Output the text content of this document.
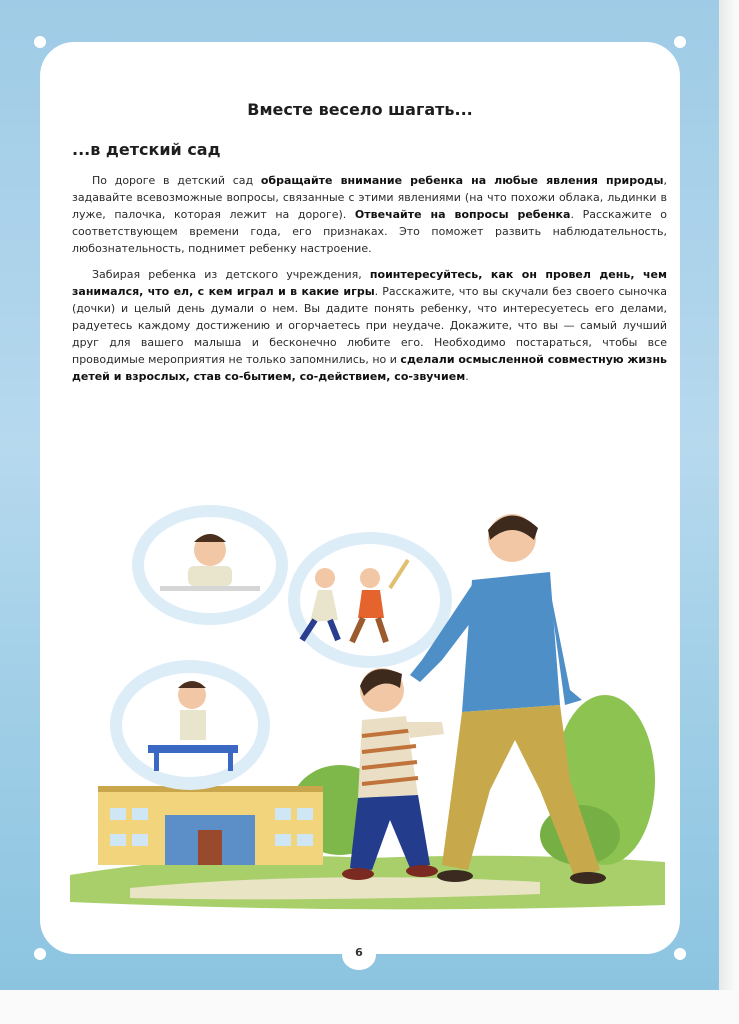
Вместе весело шагать...
...в детский сад

По дороге в детский сад обращайте внимание ребенка на любые явления природы, задавайте всевозможные вопросы, связанные с этими явлениями (на что похожи облака, льдинки в луже, палочка, которая лежит на дороге). Отвечайте на вопросы ребенка. Расскажите о соответствующем времени года, его признаках. Это поможет развить наблюдательность, любознательность, поднимет ребенку настроение.

Забирая ребенка из детского учреждения, поинтересуйтесь, как он провел день, чем занимался, что ел, с кем играл и в какие игры. Расскажите, что вы скучали без своего сыночка (дочки) и целый день думали о нем. Вы дадите понять ребенку, что интересуетесь его делами, радуетесь каждому достижению и огорчаетесь при неудаче. Докажите, что вы — самый лучший друг для вашего малыша и бесконечно любите его. Необходимо постараться, чтобы все проводимые мероприятия не только запомнились, но и сделали осмысленной совместную жизнь детей и взрослых, став со-бытием, со-действием, со-звучием.

6
